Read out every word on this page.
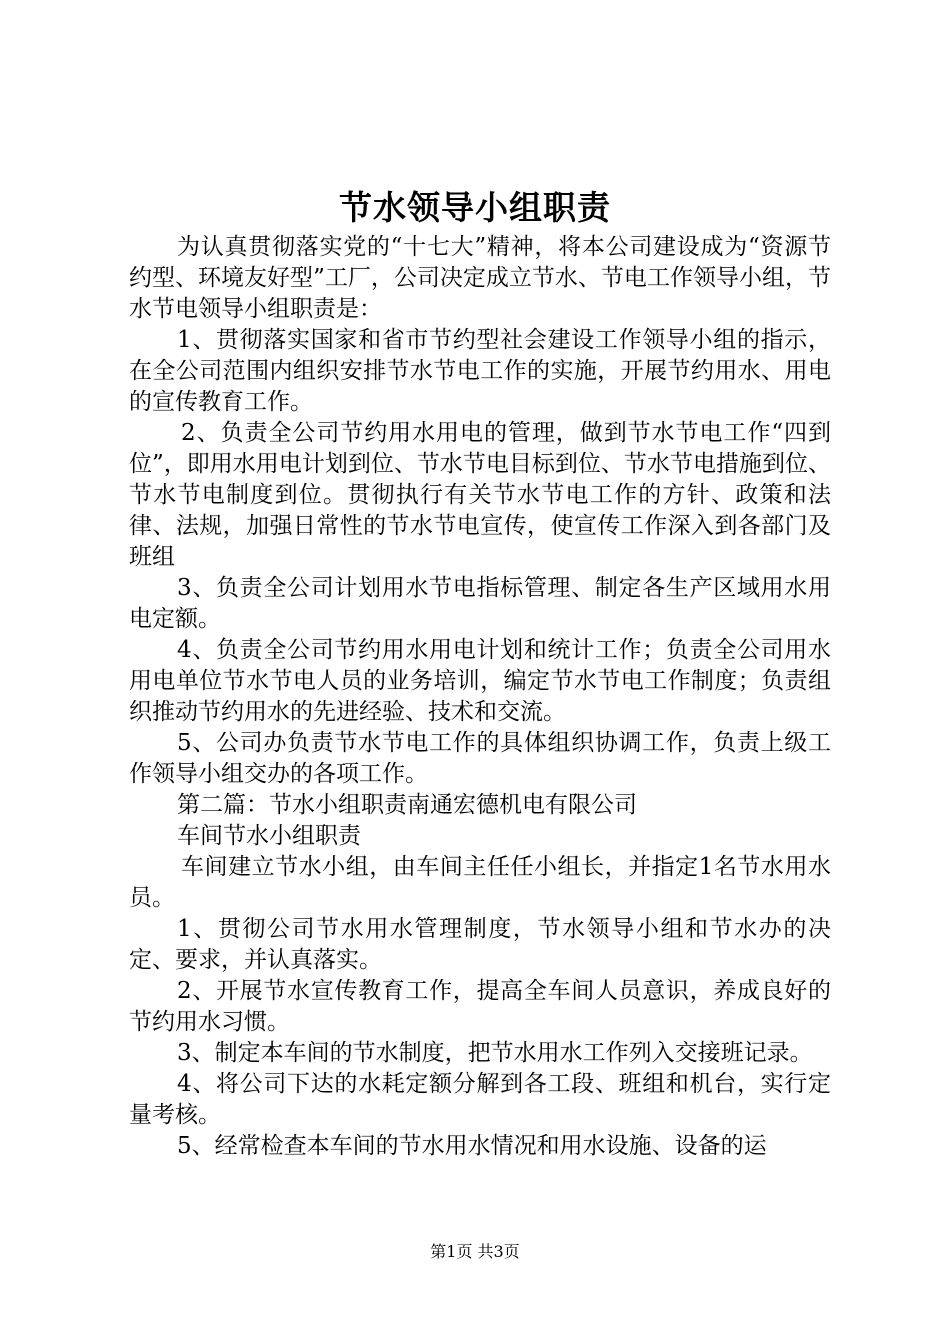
节水领导小组职责

为认真贯彻落实党的“十七大”精神，将本公司建设成为“资源节约型、环境友好型”工厂，公司决定成立节水、节电工作领导小组，节水节电领导小组职责是：

1、贯彻落实国家和省市节约型社会建设工作领导小组的指示，在全公司范围内组织安排节水节电工作的实施，开展节约用水、用电的宣传教育工作。

2、负责全公司节约用水用电的管理，做到节水节电工作“四到位”，即用水用电计划到位、节水节电目标到位、节水节电措施到位、节水节电制度到位。贯彻执行有关节水节电工作的方针、政策和法律、法规，加强日常性的节水节电宣传，使宣传工作深入到各部门及班组

3、负责全公司计划用水节电指标管理、制定各生产区域用水用电定额。

4、负责全公司节约用水用电计划和统计工作；负责全公司用水用电单位节水节电人员的业务培训，编定节水节电工作制度；负责组织推动节约用水的先进经验、技术和交流。

5、公司办负责节水节电工作的具体组织协调工作，负责上级工作领导小组交办的各项工作。

第二篇：节水小组职责南通宏德机电有限公司

车间节水小组职责

车间建立节水小组，由车间主任任小组长，并指定1名节水用水员。

1、贯彻公司节水用水管理制度，节水领导小组和节水办的决定、要求，并认真落实。

2、开展节水宣传教育工作，提高全车间人员意识，养成良好的节约用水习惯。

3、制定本车间的节水制度，把节水用水工作列入交接班记录。

4、将公司下达的水耗定额分解到各工段、班组和机台，实行定量考核。

5、经常检查本车间的节水用水情况和用水设施、设备的运

第1页 共3页
